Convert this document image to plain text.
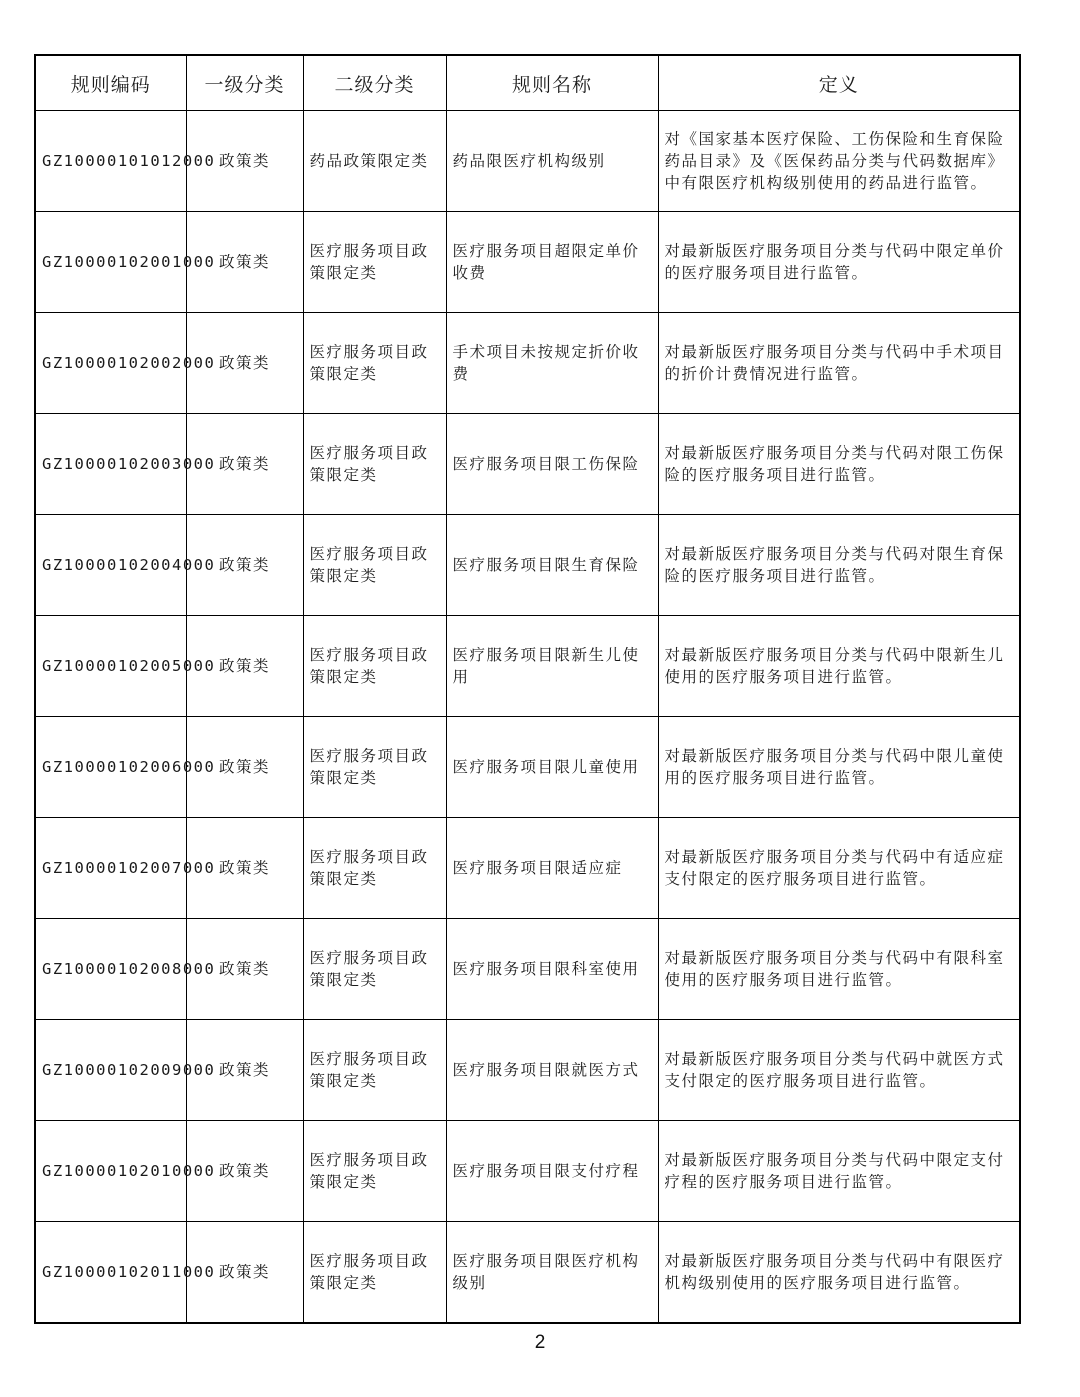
规则编码	一级分类	二级分类	规则名称	定义
GZ10000101012000	政策类	药品政策限定类	药品限医疗机构级别	对《国家基本医疗保险、工伤保险和生育保险药品目录》及《医保药品分类与代码数据库》中有限医疗机构级别使用的药品进行监管。
GZ10000102001000	政策类	医疗服务项目政策限定类	医疗服务项目超限定单价收费	对最新版医疗服务项目分类与代码中限定单价的医疗服务项目进行监管。
GZ10000102002000	政策类	医疗服务项目政策限定类	手术项目未按规定折价收费	对最新版医疗服务项目分类与代码中手术项目的折价计费情况进行监管。
GZ10000102003000	政策类	医疗服务项目政策限定类	医疗服务项目限工伤保险	对最新版医疗服务项目分类与代码对限工伤保险的医疗服务项目进行监管。
GZ10000102004000	政策类	医疗服务项目政策限定类	医疗服务项目限生育保险	对最新版医疗服务项目分类与代码对限生育保险的医疗服务项目进行监管。
GZ10000102005000	政策类	医疗服务项目政策限定类	医疗服务项目限新生儿使用	对最新版医疗服务项目分类与代码中限新生儿使用的医疗服务项目进行监管。
GZ10000102006000	政策类	医疗服务项目政策限定类	医疗服务项目限儿童使用	对最新版医疗服务项目分类与代码中限儿童使用的医疗服务项目进行监管。
GZ10000102007000	政策类	医疗服务项目政策限定类	医疗服务项目限适应症	对最新版医疗服务项目分类与代码中有适应症支付限定的医疗服务项目进行监管。
GZ10000102008000	政策类	医疗服务项目政策限定类	医疗服务项目限科室使用	对最新版医疗服务项目分类与代码中有限科室使用的医疗服务项目进行监管。
GZ10000102009000	政策类	医疗服务项目政策限定类	医疗服务项目限就医方式	对最新版医疗服务项目分类与代码中就医方式支付限定的医疗服务项目进行监管。
GZ10000102010000	政策类	医疗服务项目政策限定类	医疗服务项目限支付疗程	对最新版医疗服务项目分类与代码中限定支付疗程的医疗服务项目进行监管。
GZ10000102011000	政策类	医疗服务项目政策限定类	医疗服务项目限医疗机构级别	对最新版医疗服务项目分类与代码中有限医疗机构级别使用的医疗服务项目进行监管。
2
